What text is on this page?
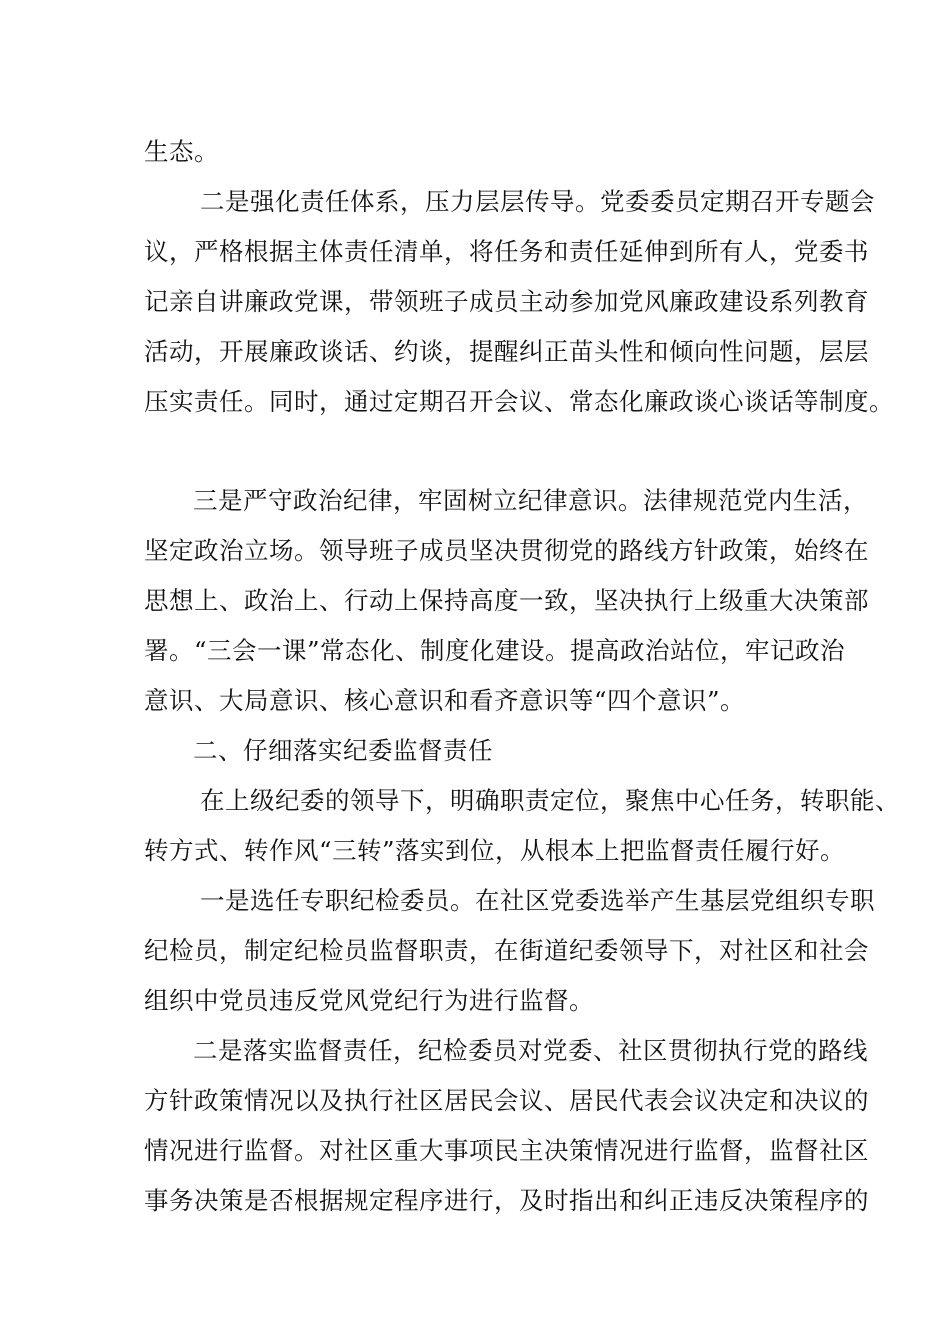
生态。
二是强化责任体系，压力层层传导。党委委员定期召开专题会
议，严格根据主体责任清单，将任务和责任延伸到所有人，党委书
记亲自讲廉政党课，带领班子成员主动参加党风廉政建设系列教育
活动，开展廉政谈话、约谈，提醒纠正苗头性和倾向性问题，层层
压实责任。同时，通过定期召开会议、常态化廉政谈心谈话等制度。
三是严守政治纪律，牢固树立纪律意识。法律规范党内生活，
坚定政治立场。领导班子成员坚决贯彻党的路线方针政策，始终在
思想上、政治上、行动上保持高度一致，坚决执行上级重大决策部
署。“三会一课”常态化、制度化建设。提高政治站位，牢记政治
意识、大局意识、核心意识和看齐意识等“四个意识”。
二、仔细落实纪委监督责任
在上级纪委的领导下，明确职责定位，聚焦中心任务，转职能、
转方式、转作风“三转”落实到位，从根本上把监督责任履行好。
一是选任专职纪检委员。在社区党委选举产生基层党组织专职
纪检员，制定纪检员监督职责，在街道纪委领导下，对社区和社会
组织中党员违反党风党纪行为进行监督。
二是落实监督责任，纪检委员对党委、社区贯彻执行党的路线
方针政策情况以及执行社区居民会议、居民代表会议决定和决议的
情况进行监督。对社区重大事项民主决策情况进行监督，监督社区
事务决策是否根据规定程序进行，及时指出和纠正违反决策程序的
